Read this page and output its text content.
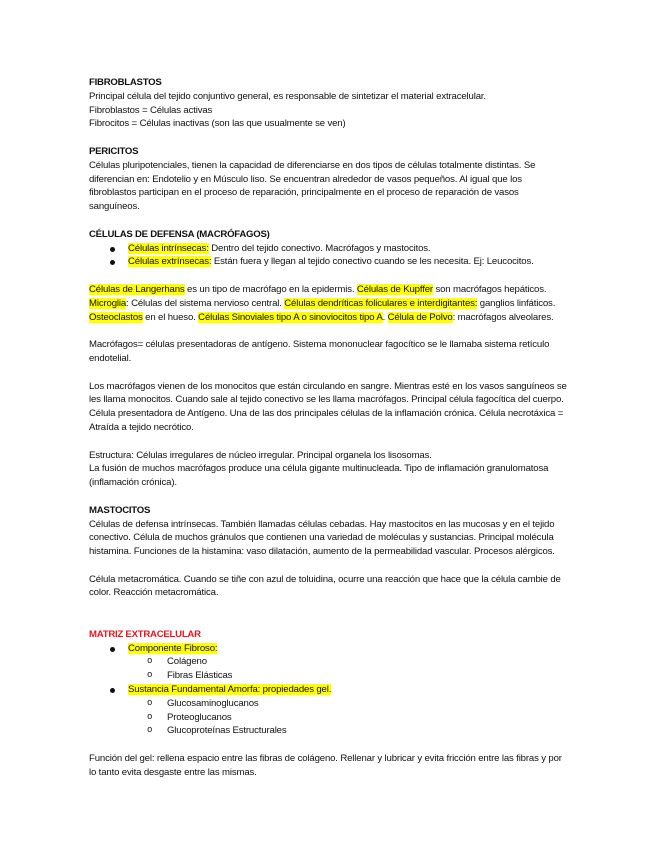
FIBROBLASTOS

Principal célula del tejido conjuntivo general, es responsable de sintetizar el material extracelular.

Fibroblastos = Células activas

Fibrocitos = Células inactivas (son las que usualmente se ven)

PERICITOS

Células pluripotenciales, tienen la capacidad de diferenciarse en dos tipos de células totalmente distintas. Se diferencian en: Endotelio y en Músculo liso. Se encuentran alrededor de vasos pequeños. Al igual que los fibroblastos participan en el proceso de reparación, principalmente en el proceso de reparación de vasos sanguíneos.

CÉLULAS DE DEFENSA (MACRÓFAGOS)

Células intrínsecas: Dentro del tejido conectivo. Macrófagos y mastocitos.
Células extrínsecas: Están fuera y llegan al tejido conectivo cuando se les necesita. Ej: Leucocitos.

Células de Langerhans es un tipo de macrófago en la epidermis. Células de Kupffer son macrófagos hepáticos. Microglia: Células del sistema nervioso central. Células dendríticas foliculares e interdigitantes: ganglios linfáticos. Osteoclastos en el hueso. Células Sinoviales tipo A o sinoviocitos tipo A. Célula de Polvo: macrófagos alveolares.

Macrófagos= células presentadoras de antígeno. Sistema mononuclear fagocítico se le llamaba sistema retículo endotelial.

Los macrófagos vienen de los monocitos que están circulando en sangre. Mientras esté en los vasos sanguíneos se les llama monocitos. Cuando sale al tejido conectivo se les llama macrófagos. Principal célula fagocítica del cuerpo. Célula presentadora de Antígeno. Una de las dos principales células de la inflamación crónica. Célula necrotáxica = Atraída a tejido necrótico.

Estructura: Células irregulares de núcleo irregular. Principal organela los lisosomas.

La fusión de muchos macrófagos produce una célula gigante multinucleada. Tipo de inflamación granulomatosa (inflamación crónica).

MASTOCITOS

Células de defensa intrínsecas. También llamadas células cebadas. Hay mastocitos en las mucosas y en el tejido conectivo. Célula de muchos gránulos que contienen una variedad de moléculas y sustancias. Principal molécula histamina. Funciones de la histamina: vaso dilatación, aumento de la permeabilidad vascular. Procesos alérgicos.

Célula metacromática. Cuando se tiñe con azul de toluidina, ocurre una reacción que hace que la célula cambie de color. Reacción metacromática.

MATRIZ EXTRACELULAR

Componente Fibroso:
o Colágeno
o Fibras Elásticas
Sustancia Fundamental Amorfa: propiedades gel.
o Glucosaminoglucanos
o Proteoglucanos
o Glucoproteínas Estructurales

Función del gel: rellena espacio entre las fibras de colágeno. Rellenar y lubricar y evita fricción entre las fibras y por lo tanto evita desgaste entre las mismas.
